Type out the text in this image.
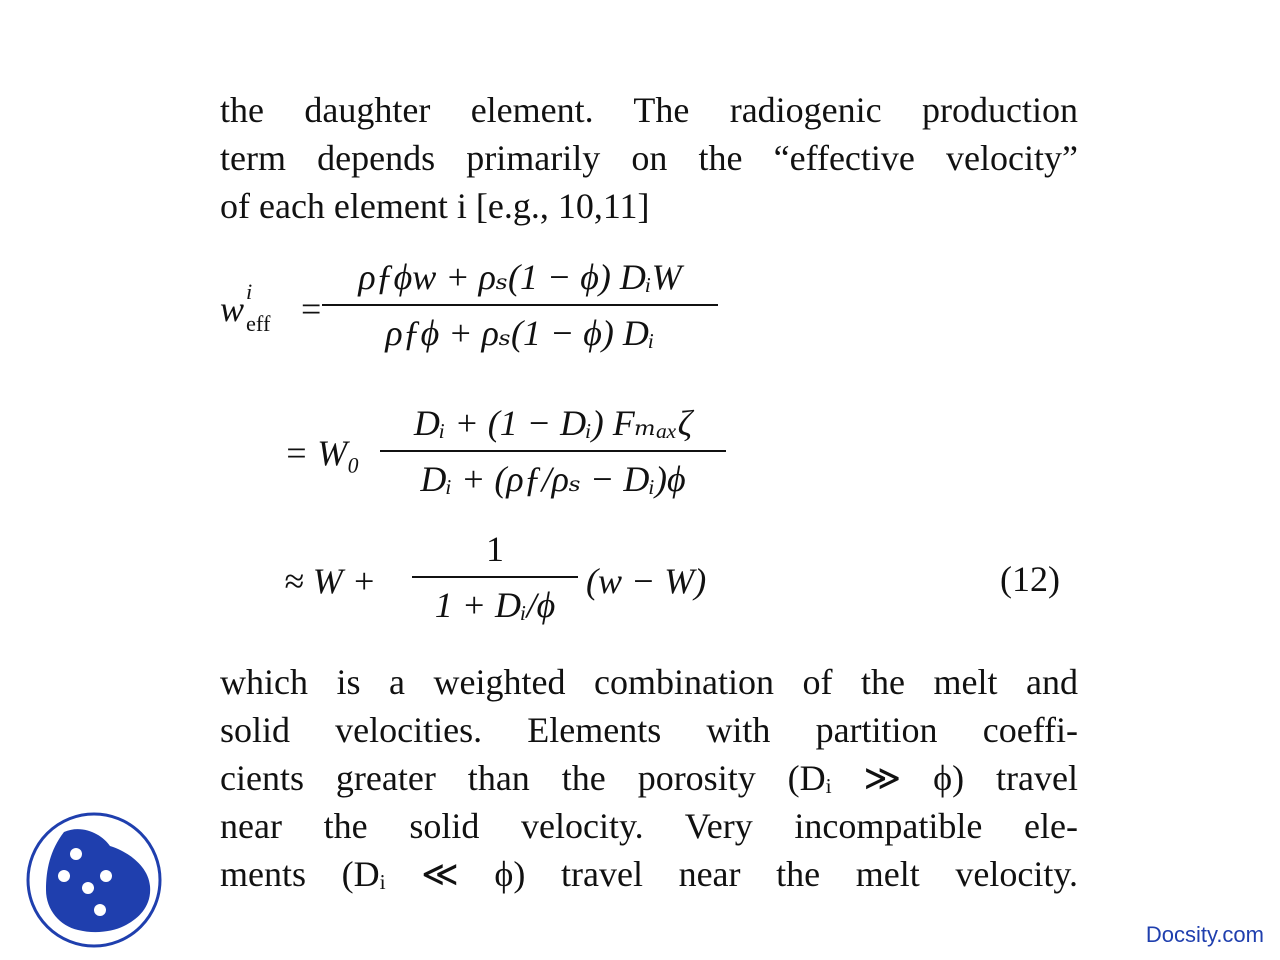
the daughter element. The radiogenic production
term depends primarily on the “effective velocity”
of each element i [e.g., 10,11]
w i
eff =
ρƒϕw + ρₛ(1 − ϕ) DᵢW
ρƒϕ + ρₛ(1 − ϕ) Dᵢ
= W₀
Dᵢ + (1 − Dᵢ) Fₘₐₓζ
Dᵢ + (ρƒ/ρₛ − Dᵢ)ϕ
≈ W +
1
1 + Dᵢ/ϕ
(w − W)	(12)
which is a weighted combination of the melt and
solid velocities. Elements with partition coeffi-
cients greater than the porosity (Dᵢ ≫ ϕ) travel
near the solid velocity. Very incompatible ele-
ments (Dᵢ ≪ ϕ) travel near the melt velocity.
Docsity.com
